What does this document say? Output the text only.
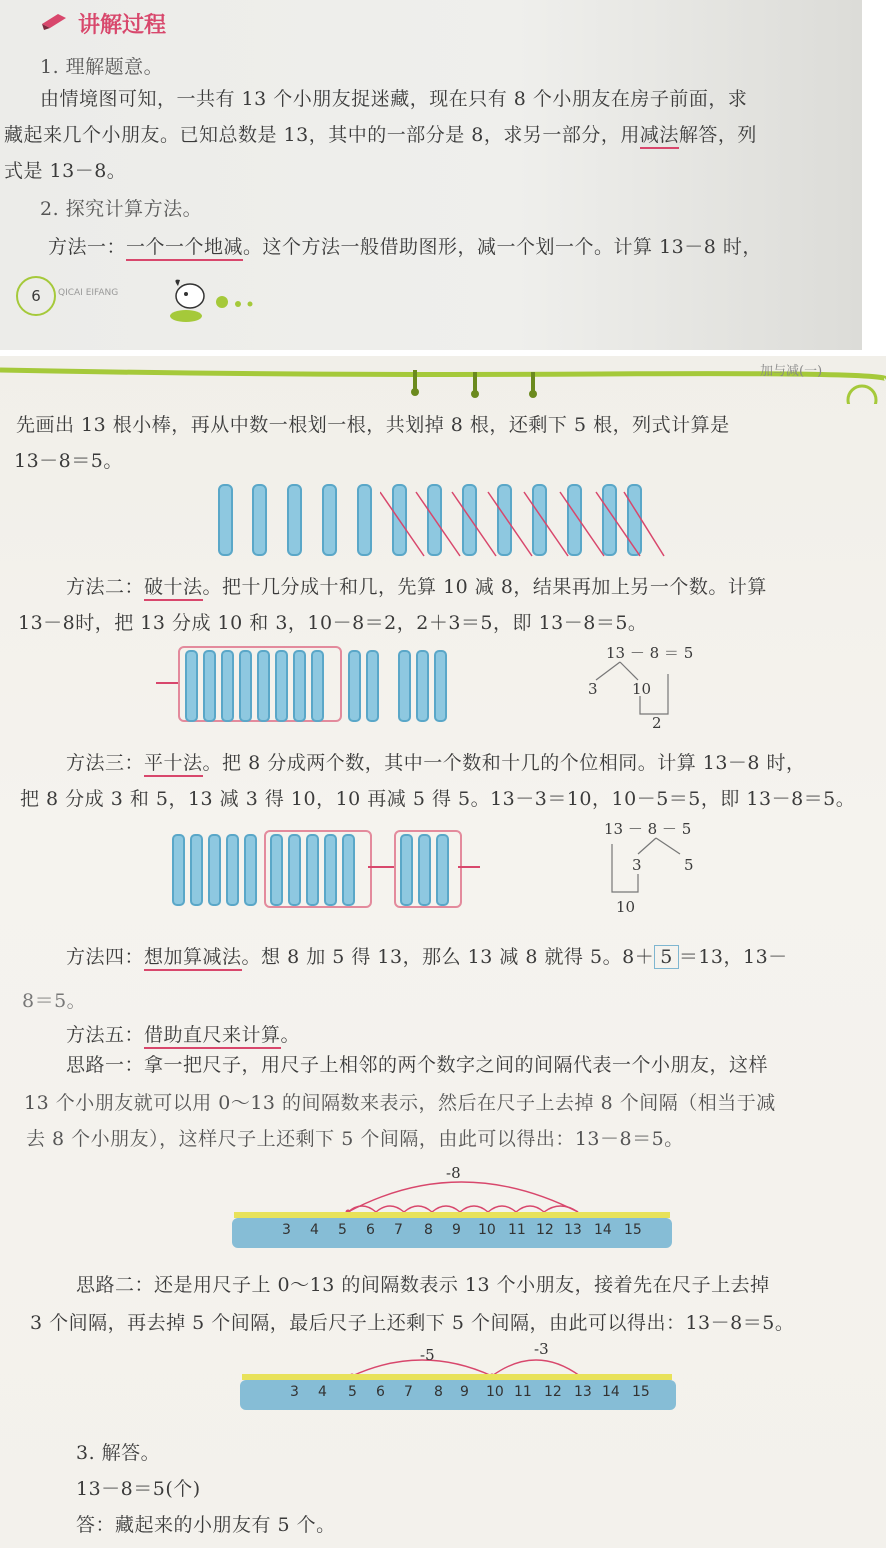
讲解过程
1. 理解题意。
由情境图可知，一共有 13 个小朋友捉迷藏，现在只有 8 个小朋友在房子前面，求
藏起来几个小朋友。已知总数是 13，其中的一部分是 8，求另一部分，用减法解答，列
式是 13－8。
2. 探究计算方法。
方法一：一个一个地减。这个方法一般借助图形，减一个划一个。计算 13－8 时，
6	QICAI EIFANG
加与减(一)
先画出 13 根小棒，再从中数一根划一根，共划掉 8 根，还剩下 5 根，列式计算是
13－8＝5。
方法二：破十法。把十几分成十和几，先算 10 减 8，结果再加上另一个数。计算
13－8时，把 13 分成 10 和 3，10－8＝2，2＋3＝5，即 13－8＝5。
13 － 8 ＝ 5
3 10
2
方法三：平十法。把 8 分成两个数，其中一个数和十几的个位相同。计算 13－8 时，
把 8 分成 3 和 5，13 减 3 得 10，10 再减 5 得 5。13－3＝10，10－5＝5，即 13－8＝5。
13 － 8 － 5
3	5
10
方法四：想加算减法。想 8 加 5 得 13，那么 13 减 8 就得 5。8＋ 5 ＝13，13－
8＝5。
方法五：借助直尺来计算。
思路一：拿一把尺子，用尺子上相邻的两个数字之间的间隔代表一个小朋友，这样
13 个小朋友就可以用 0～13 的间隔数来表示，然后在尺子上去掉 8 个间隔（相当于减
去 8 个小朋友），这样尺子上还剩下 5 个间隔，由此可以得出：13－8＝5。
-8
3 4 5 6 7 8 9 10 11 12 13 14 15
思路二：还是用尺子上 0～13 的间隔数表示 13 个小朋友，接着先在尺子上去掉
3 个间隔，再去掉 5 个间隔，最后尺子上还剩下 5 个间隔，由此可以得出：13－8＝5。
-5	-3
3 4 5 6 7 8 9 10 11 12 13 14 15
3. 解答。
13－8＝5(个)
答：藏起来的小朋友有 5 个。
